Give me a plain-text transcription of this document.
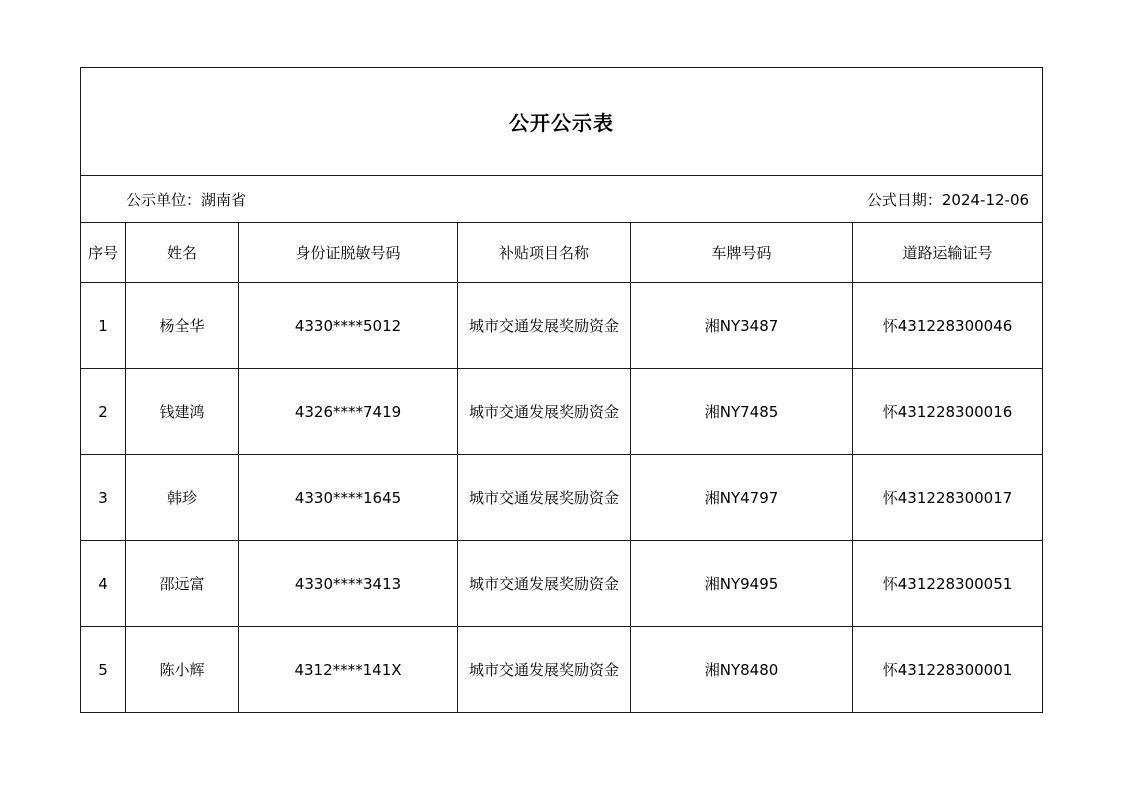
公开公示表					

公示单位：湖南省 公式日期：2024-12-06					

序号	姓名	身份证脱敏号码	补贴项目名称	车牌号码	道路运输证号
1	杨全华	4330****5012	城市交通发展奖励资金	湘NY3487	怀431228300046
2	钱建鸿	4326****7419	城市交通发展奖励资金	湘NY7485	怀431228300016
3	韩珍	4330****1645	城市交通发展奖励资金	湘NY4797	怀431228300017
4	邵远富	4330****3413	城市交通发展奖励资金	湘NY9495	怀431228300051
5	陈小辉	4312****141X	城市交通发展奖励资金	湘NY8480	怀431228300001
